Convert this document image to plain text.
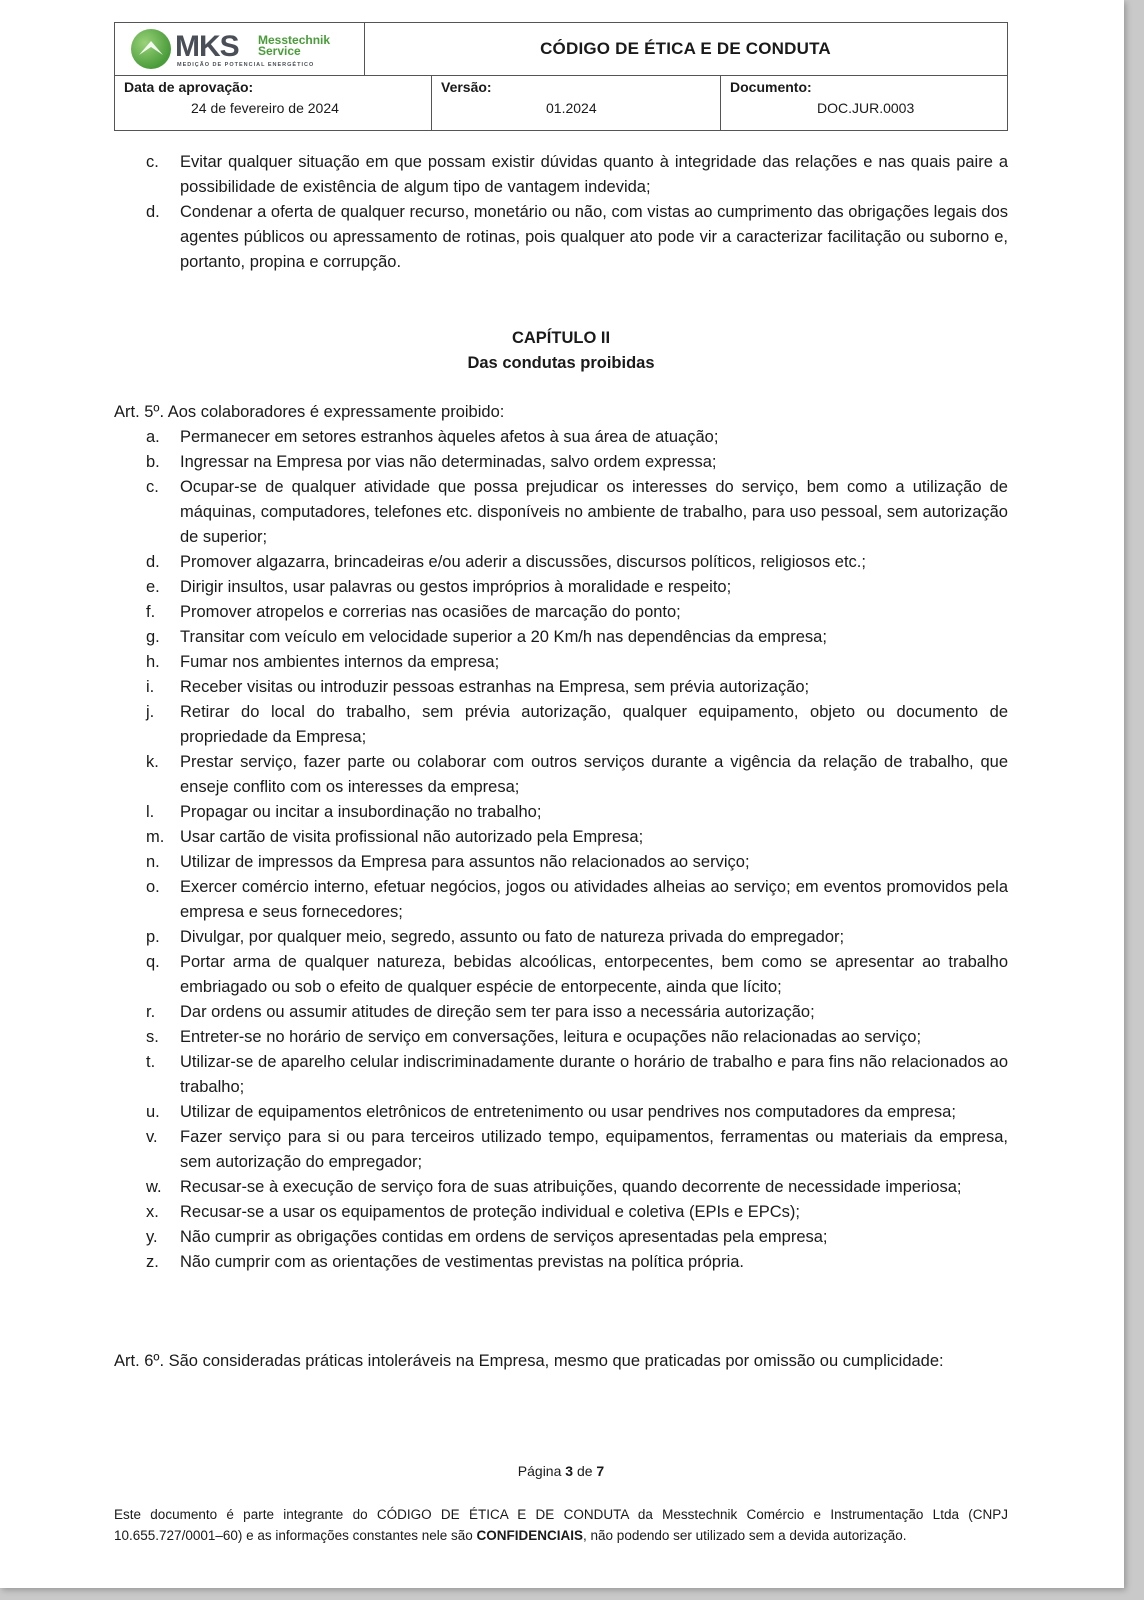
MKS Messtechnik
Service
MEDIÇÃO DE POTENCIAL ENERGÉTICO
CÓDIGO DE ÉTICA E DE CONDUTA
Data de aprovação:
24 de fevereiro de 2024
Versão:
01.2024
Documento:
DOC.JUR.0003
c. Evitar qualquer situação em que possam existir dúvidas quanto à integridade das relações e nas quais paire a possibilidade de existência de algum tipo de vantagem indevida;
d. Condenar a oferta de qualquer recurso, monetário ou não, com vistas ao cumprimento das obrigações legais dos agentes públicos ou apressamento de rotinas, pois qualquer ato pode vir a caracterizar facilitação ou suborno e, portanto, propina e corrupção.
CAPÍTULO II
Das condutas proibidas
Art. 5º. Aos colaboradores é expressamente proibido:
a. Permanecer em setores estranhos àqueles afetos à sua área de atuação;
b. Ingressar na Empresa por vias não determinadas, salvo ordem expressa;
c. Ocupar-se de qualquer atividade que possa prejudicar os interesses do serviço, bem como a utilização de máquinas, computadores, telefones etc. disponíveis no ambiente de trabalho, para uso pessoal, sem autorização de superior;
d. Promover algazarra, brincadeiras e/ou aderir a discussões, discursos políticos, religiosos etc.;
e. Dirigir insultos, usar palavras ou gestos impróprios à moralidade e respeito;
f. Promover atropelos e correrias nas ocasiões de marcação do ponto;
g. Transitar com veículo em velocidade superior a 20 Km/h nas dependências da empresa;
h. Fumar nos ambientes internos da empresa;
i. Receber visitas ou introduzir pessoas estranhas na Empresa, sem prévia autorização;
j. Retirar do local do trabalho, sem prévia autorização, qualquer equipamento, objeto ou documento de propriedade da Empresa;
k. Prestar serviço, fazer parte ou colaborar com outros serviços durante a vigência da relação de trabalho, que enseje conflito com os interesses da empresa;
l. Propagar ou incitar a insubordinação no trabalho;
m. Usar cartão de visita profissional não autorizado pela Empresa;
n. Utilizar de impressos da Empresa para assuntos não relacionados ao serviço;
o. Exercer comércio interno, efetuar negócios, jogos ou atividades alheias ao serviço; em eventos promovidos pela empresa e seus fornecedores;
p. Divulgar, por qualquer meio, segredo, assunto ou fato de natureza privada do empregador;
q. Portar arma de qualquer natureza, bebidas alcoólicas, entorpecentes, bem como se apresentar ao trabalho embriagado ou sob o efeito de qualquer espécie de entorpecente, ainda que lícito;
r. Dar ordens ou assumir atitudes de direção sem ter para isso a necessária autorização;
s. Entreter-se no horário de serviço em conversações, leitura e ocupações não relacionadas ao serviço;
t. Utilizar-se de aparelho celular indiscriminadamente durante o horário de trabalho e para fins não relacionados ao trabalho;
u. Utilizar de equipamentos eletrônicos de entretenimento ou usar pendrives nos computadores da empresa;
v. Fazer serviço para si ou para terceiros utilizado tempo, equipamentos, ferramentas ou materiais da empresa, sem autorização do empregador;
w. Recusar-se à execução de serviço fora de suas atribuições, quando decorrente de necessidade imperiosa;
x. Recusar-se a usar os equipamentos de proteção individual e coletiva (EPIs e EPCs);
y. Não cumprir as obrigações contidas em ordens de serviços apresentadas pela empresa;
z. Não cumprir com as orientações de vestimentas previstas na política própria.
Art. 6º. São consideradas práticas intoleráveis na Empresa, mesmo que praticadas por omissão ou cumplicidade:
Página 3 de 7
Este documento é parte integrante do CÓDIGO DE ÉTICA E DE CONDUTA da Messtechnik Comércio e Instrumentação Ltda (CNPJ 10.655.727/0001–60) e as informações constantes nele são CONFIDENCIAIS, não podendo ser utilizado sem a devida autorização.
